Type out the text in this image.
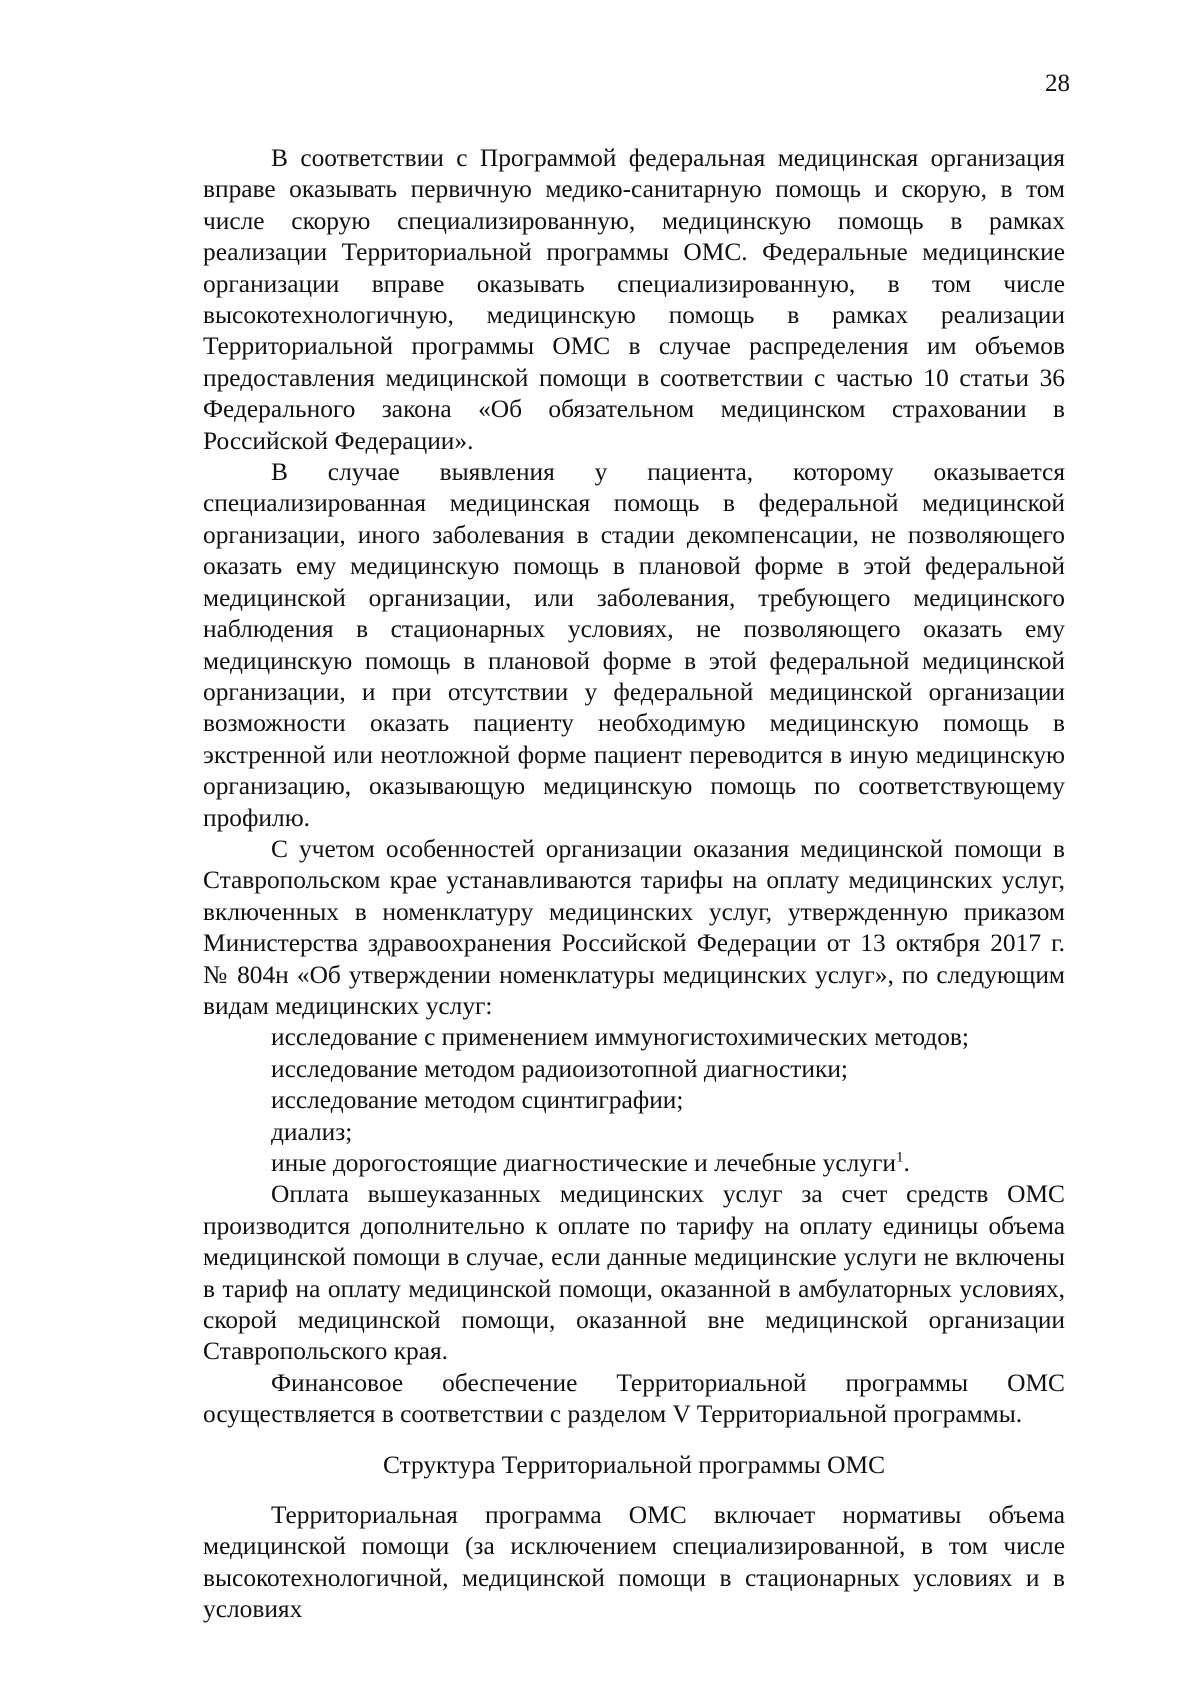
28

В соответствии с Программой федеральная медицинская организация вправе оказывать первичную медико-санитарную помощь и скорую, в том числе скорую специализированную, медицинскую помощь в рамках реализации Территориальной программы ОМС. Федеральные медицинские организации вправе оказывать специализированную, в том числе высокотехнологичную, медицинскую помощь в рамках реализации Территориальной программы ОМС в случае распределения им объемов предоставления медицинской помощи в соответствии с частью 10 статьи 36 Федерального закона «Об обязательном медицинском страховании в Российской Федерации».

В случае выявления у пациента, которому оказывается специализированная медицинская помощь в федеральной медицинской организации, иного заболевания в стадии декомпенсации, не позволяющего оказать ему медицинскую помощь в плановой форме в этой федеральной медицинской организации, или заболевания, требующего медицинского наблюдения в стационарных условиях, не позволяющего оказать ему медицинскую помощь в плановой форме в этой федеральной медицинской организации, и при отсутствии у федеральной медицинской организации возможности оказать пациенту необходимую медицинскую помощь в экстренной или неотложной форме пациент переводится в иную медицинскую организацию, оказывающую медицинскую помощь по соответствующему профилю.

С учетом особенностей организации оказания медицинской помощи в Ставропольском крае устанавливаются тарифы на оплату медицинских услуг, включенных в номенклатуру медицинских услуг, утвержденную приказом Министерства здравоохранения Российской Федерации от 13 октября 2017 г. № 804н «Об утверждении номенклатуры медицинских услуг», по следующим видам медицинских услуг:

исследование с применением иммуногистохимических методов;

исследование методом радиоизотопной диагностики;

исследование методом сцинтиграфии;

диализ;

иные дорогостоящие диагностические и лечебные услуги$^1$.

Оплата вышеуказанных медицинских услуг за счет средств ОМС производится дополнительно к оплате по тарифу на оплату единицы объема медицинской помощи в случае, если данные медицинские услуги не включены в тариф на оплату медицинской помощи, оказанной в амбулаторных условиях, скорой медицинской помощи, оказанной вне медицинской организации Ставропольского края.

Финансовое обеспечение Территориальной программы ОМС осуществляется в соответствии с разделом V Территориальной программы.

Структура Территориальной программы ОМС

Территориальная программа ОМС включает нормативы объема медицинской помощи (за исключением специализированной, в том числе высокотехнологичной, медицинской помощи в стационарных условиях и в условиях
